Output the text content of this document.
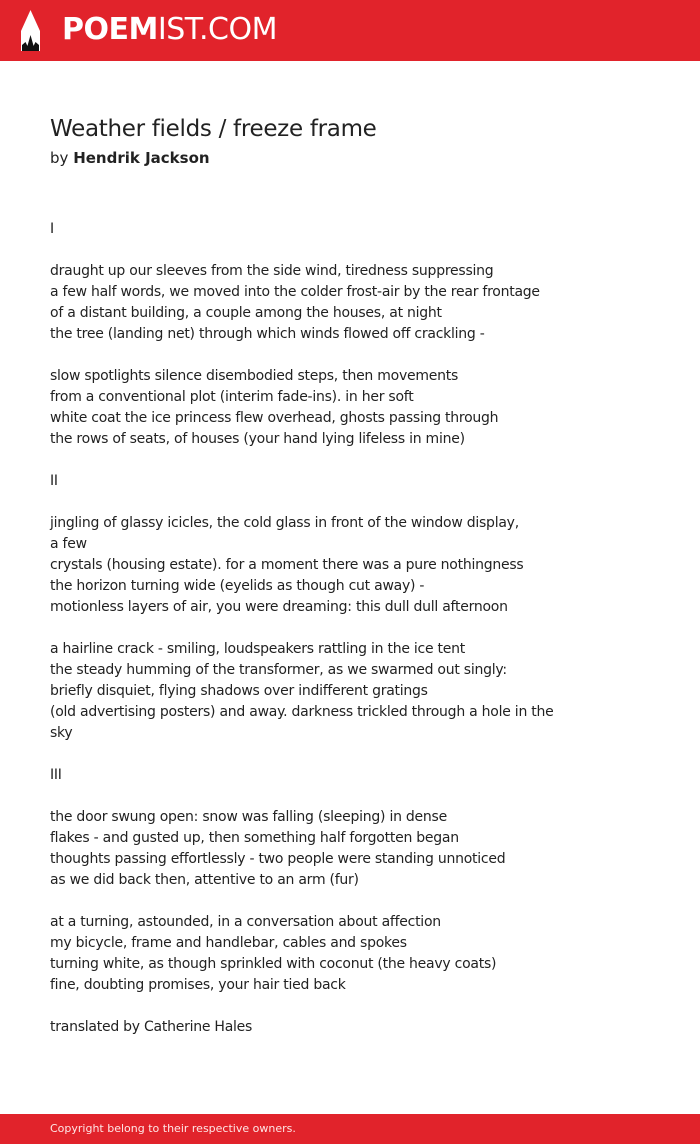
POEMIST.COM
Weather fields / freeze frame
by Hendrik Jackson
I
draught up our sleeves from the side wind, tiredness suppressing
a few half words, we moved into the colder frost-air by the rear frontage
of a distant building, a couple among the houses, at night
the tree (landing net) through which winds flowed off crackling -
slow spotlights silence disembodied steps, then movements
from a conventional plot (interim fade-ins). in her soft
white coat the ice princess flew overhead, ghosts passing through
the rows of seats, of houses (your hand lying lifeless in mine)
II
jingling of glassy icicles, the cold glass in front of the window display,
a few
crystals (housing estate). for a moment there was a pure nothingness
the horizon turning wide (eyelids as though cut away) -
motionless layers of air, you were dreaming: this dull dull afternoon
a hairline crack - smiling, loudspeakers rattling in the ice tent
the steady humming of the transformer, as we swarmed out singly:
briefly disquiet, flying shadows over indifferent gratings
(old advertising posters) and away. darkness trickled through a hole in the
sky
III
the door swung open: snow was falling (sleeping) in dense
flakes - and gusted up, then something half forgotten began
thoughts passing effortlessly - two people were standing unnoticed
as we did back then, attentive to an arm (fur)
at a turning, astounded, in a conversation about affection
my bicycle, frame and handlebar, cables and spokes
turning white, as though sprinkled with coconut (the heavy coats)
fine, doubting promises, your hair tied back
translated by Catherine Hales
Copyright belong to their respective owners.
